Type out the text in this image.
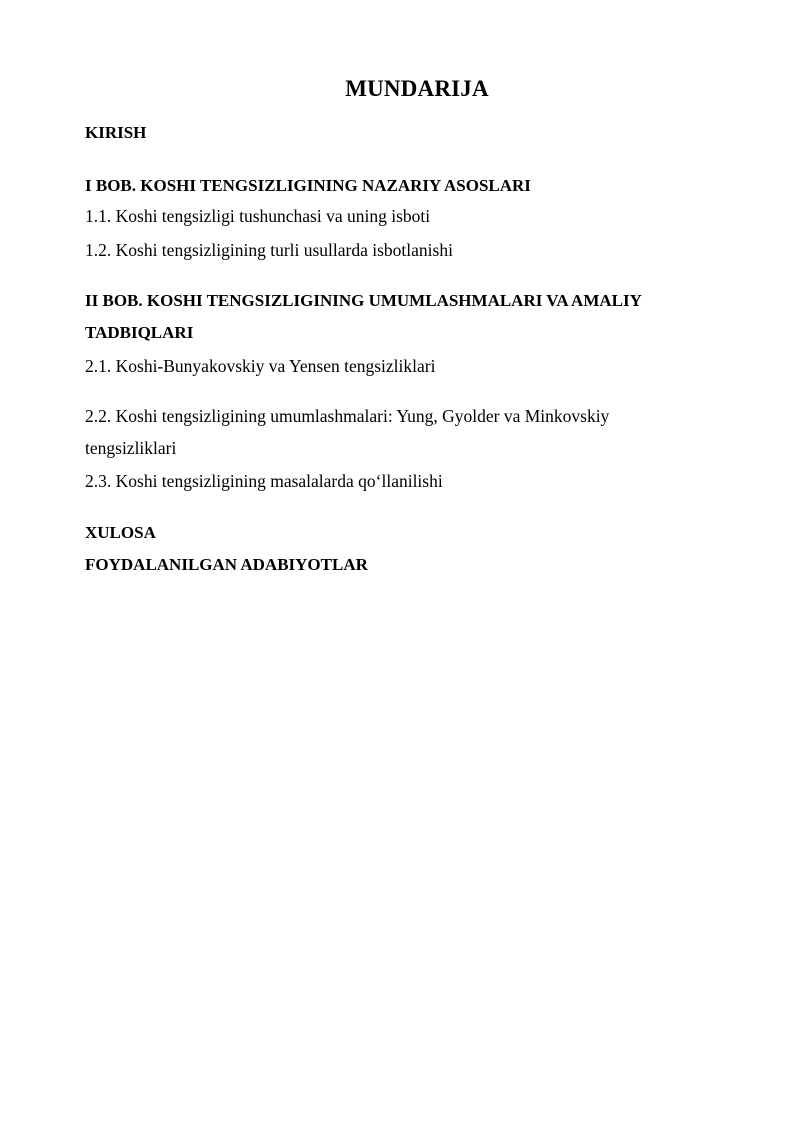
MUNDARIJA
KIRISH
I BOB. KOSHI TENGSIZLIGINING NAZARIY ASOSLARI
1.1. Koshi tengsizligi tushunchasi va uning isboti
1.2. Koshi tengsizligining turli usullarda isbotlanishi
II BOB. KOSHI TENGSIZLIGINING UMUMLASHMALARI VA AMALIY
TADBIQLARI
2.1. Koshi-Bunyakovskiy va Yensen tengsizliklari
2.2. Koshi tengsizligining umumlashmalari: Yung, Gyolder va Minkovskiy
tengsizliklari
2.3. Koshi tengsizligining masalalarda qo‘llanilishi
XULOSA
FOYDALANILGAN ADABIYOTLAR
